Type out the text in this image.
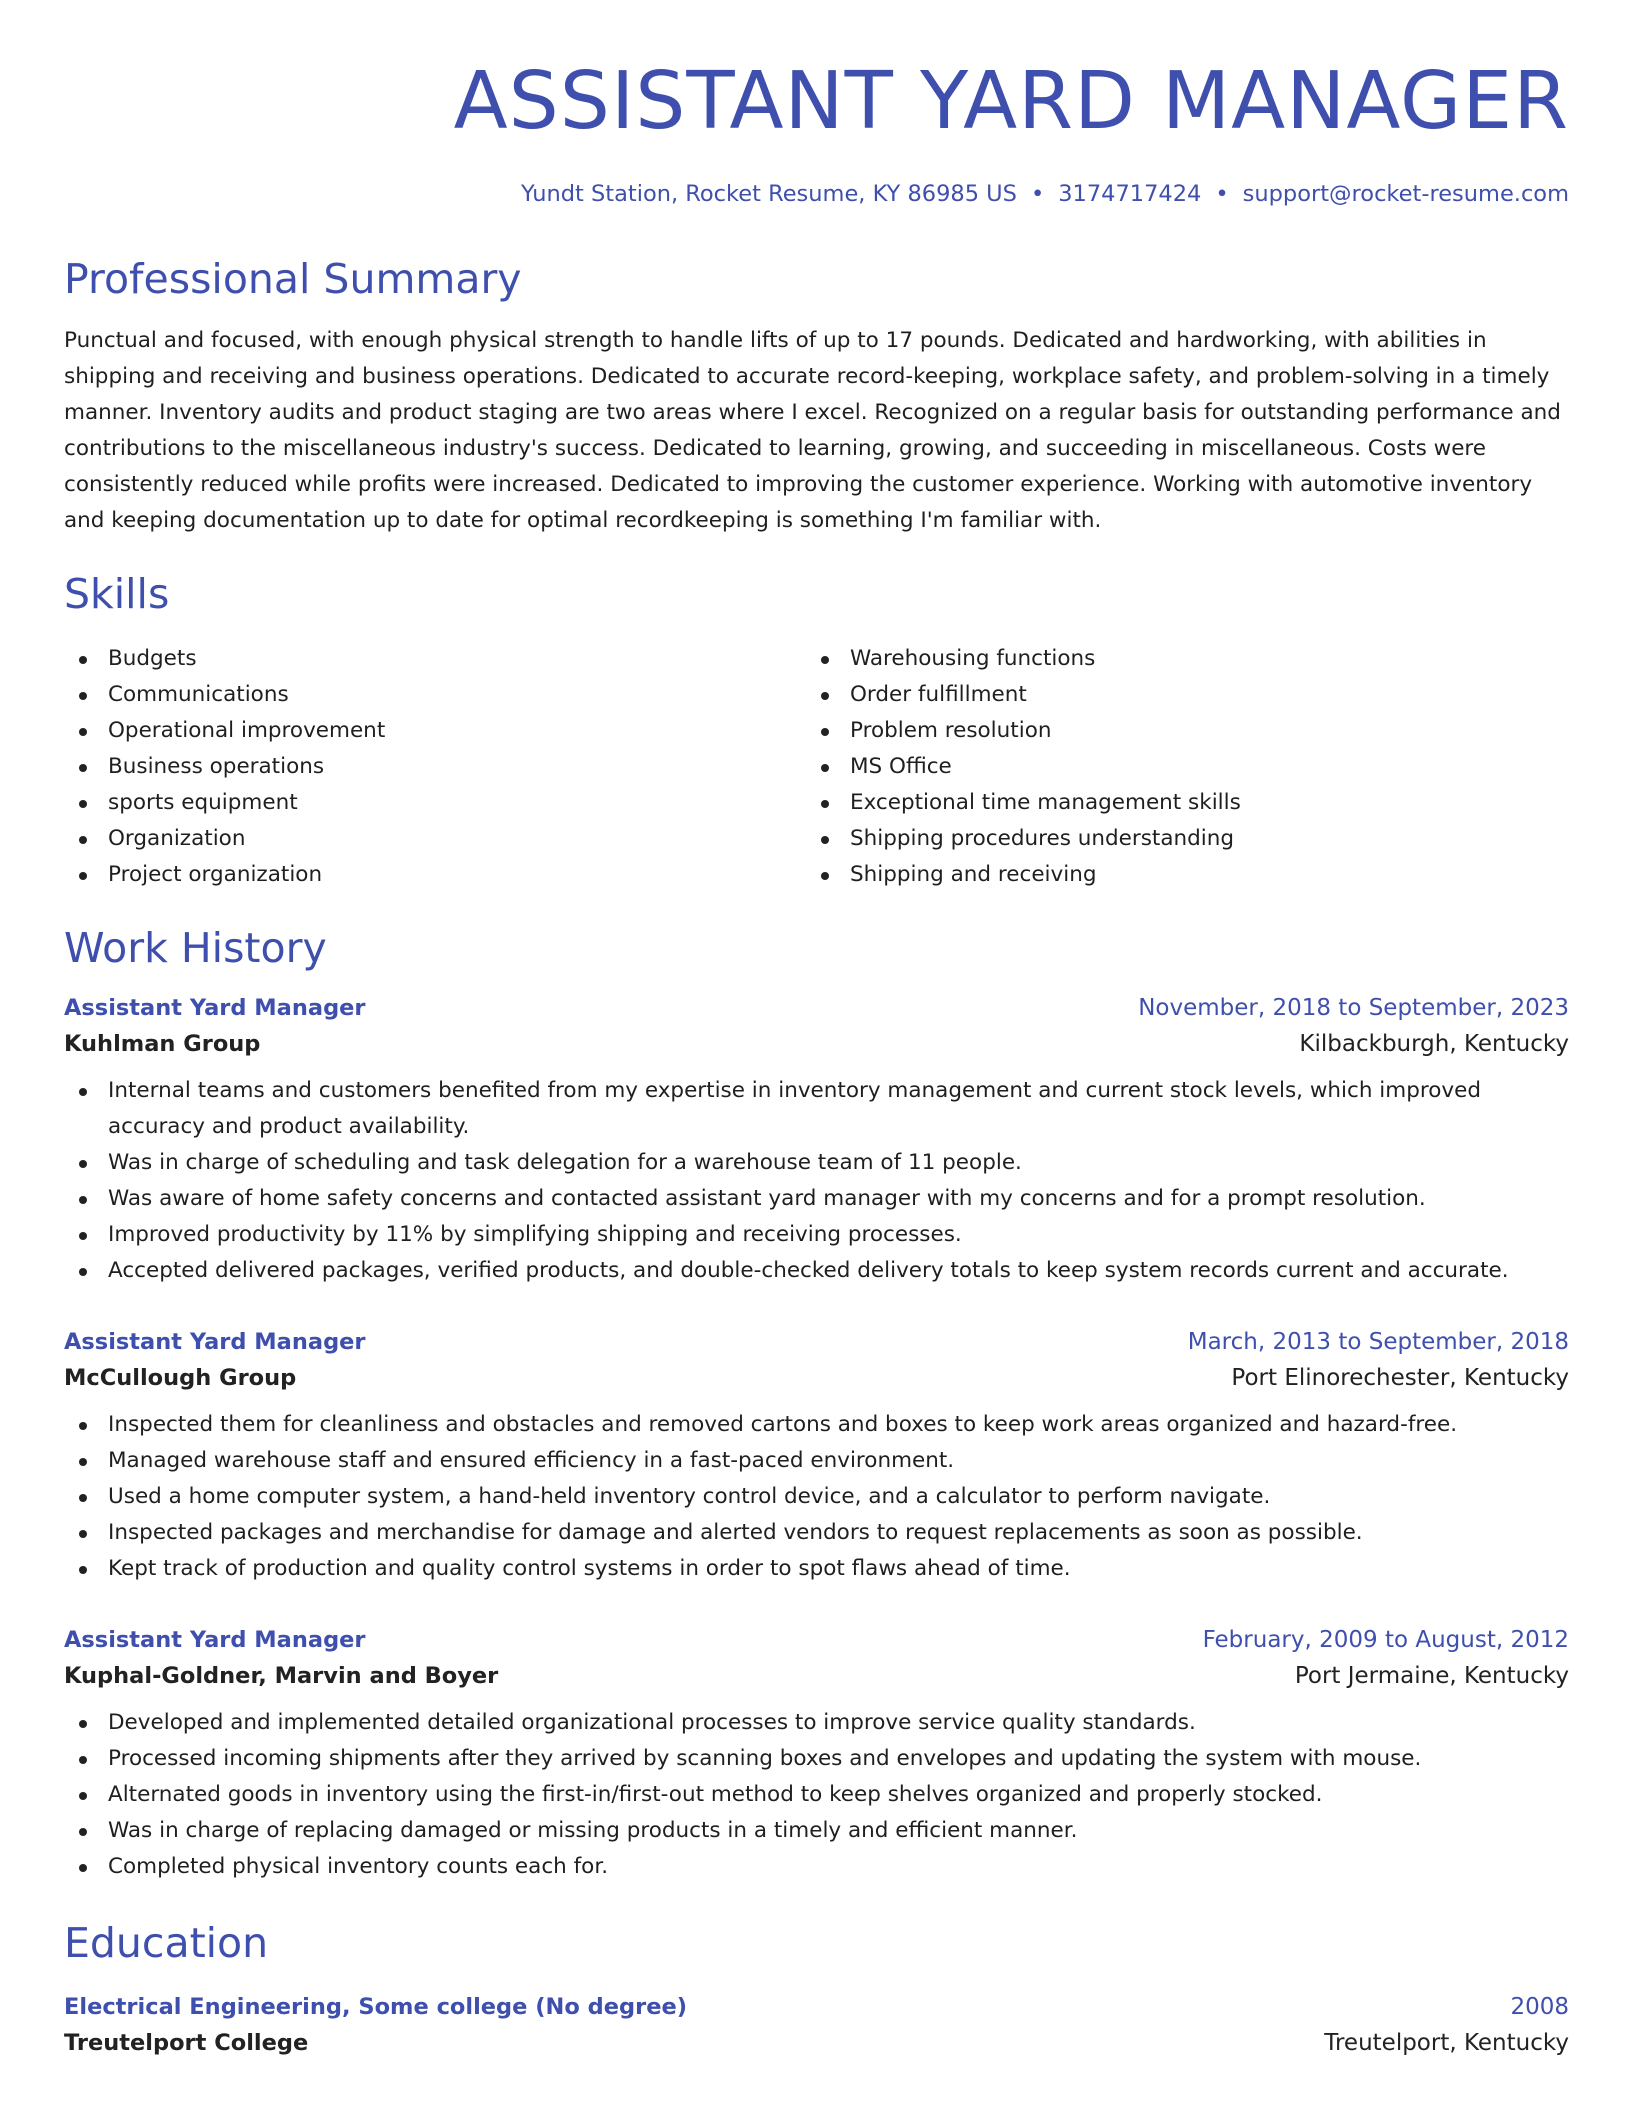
ASSISTANT YARD MANAGER
Yundt Station, Rocket Resume, KY 86985 US • 3174717424 • support@rocket-resume.com
Professional Summary

Punctual and focused, with enough physical strength to handle lifts of up to 17 pounds. Dedicated and hardworking, with abilities in shipping and receiving and business operations. Dedicated to accurate record-keeping, workplace safety, and problem-solving in a timely manner. Inventory audits and product staging are two areas where I excel. Recognized on a regular basis for outstanding performance and contributions to the miscellaneous industry's success. Dedicated to learning, growing, and succeeding in miscellaneous. Costs were consistently reduced while profits were increased. Dedicated to improving the customer experience. Working with automotive inventory and keeping documentation up to date for optimal recordkeeping is something I'm familiar with.

Skills
Budgets
Communications
Operational improvement
Business operations
sports equipment
Organization
Project organization
Warehousing functions
Order fulfillment
Problem resolution
MS Office
Exceptional time management skills
Shipping procedures understanding
Shipping and receiving
Work History
Assistant Yard Manager	November, 2018 to September, 2023
Kuhlman Group	Kilbackburgh, Kentucky
Internal teams and customers benefited from my expertise in inventory management and current stock levels, which improved accuracy and product availability.
Was in charge of scheduling and task delegation for a warehouse team of 11 people.
Was aware of home safety concerns and contacted assistant yard manager with my concerns and for a prompt resolution.
Improved productivity by 11% by simplifying shipping and receiving processes.
Accepted delivered packages, verified products, and double-checked delivery totals to keep system records current and accurate.
Assistant Yard Manager	March, 2013 to September, 2018
McCullough Group	Port Elinorechester, Kentucky
Inspected them for cleanliness and obstacles and removed cartons and boxes to keep work areas organized and hazard-free.
Managed warehouse staff and ensured efficiency in a fast-paced environment.
Used a home computer system, a hand-held inventory control device, and a calculator to perform navigate.
Inspected packages and merchandise for damage and alerted vendors to request replacements as soon as possible.
Kept track of production and quality control systems in order to spot flaws ahead of time.
Assistant Yard Manager	February, 2009 to August, 2012
Kuphal-Goldner, Marvin and Boyer	Port Jermaine, Kentucky
Developed and implemented detailed organizational processes to improve service quality standards.
Processed incoming shipments after they arrived by scanning boxes and envelopes and updating the system with mouse.
Alternated goods in inventory using the first-in/first-out method to keep shelves organized and properly stocked.
Was in charge of replacing damaged or missing products in a timely and efficient manner.
Completed physical inventory counts each for.
Education
Electrical Engineering, Some college (No degree)	2008
Treutelport College	Treutelport, Kentucky
